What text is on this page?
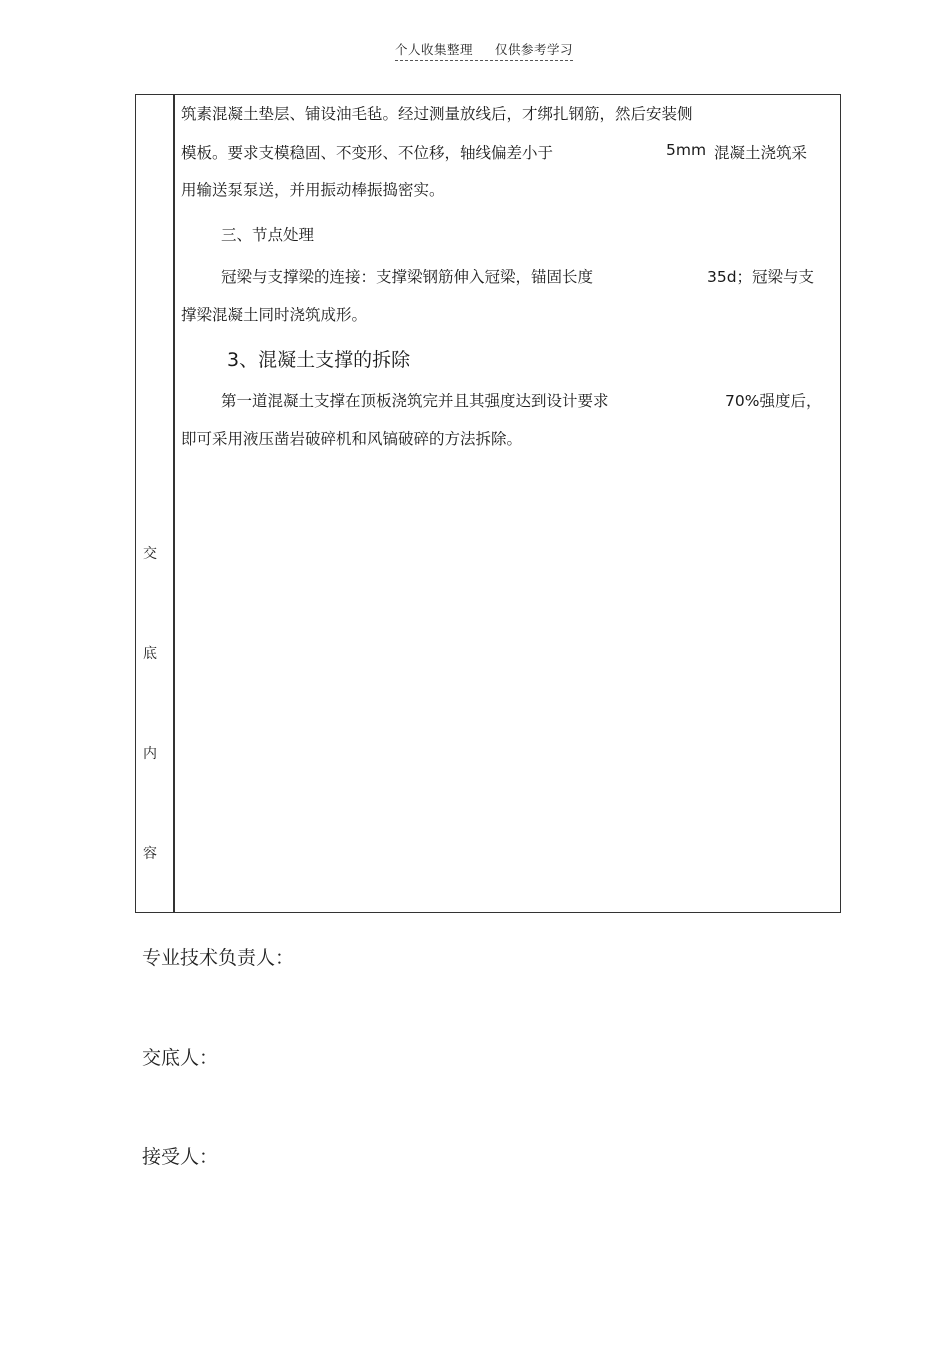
个人收集整理 仅供参考学习
交
底
内
容
筑素混凝土垫层、铺设油毛毡。经过测量放线后，才绑扎钢筋，然后安装侧
模板。要求支模稳固、不变形、不位移，轴线偏差小于	5mm 混凝土浇筑采
用输送泵泵送，并用振动棒振捣密实。
三、节点处理
冠梁与支撑梁的连接：支撑梁钢筋伸入冠梁，锚固长度	35d；冠梁与支
撑梁混凝土同时浇筑成形。
3、混凝土支撑的拆除
第一道混凝土支撑在顶板浇筑完并且其强度达到设计要求	70%强度后，
即可采用液压凿岩破碎机和风镐破碎的方法拆除。
专业技术负责人：
交底人：
接受人：
